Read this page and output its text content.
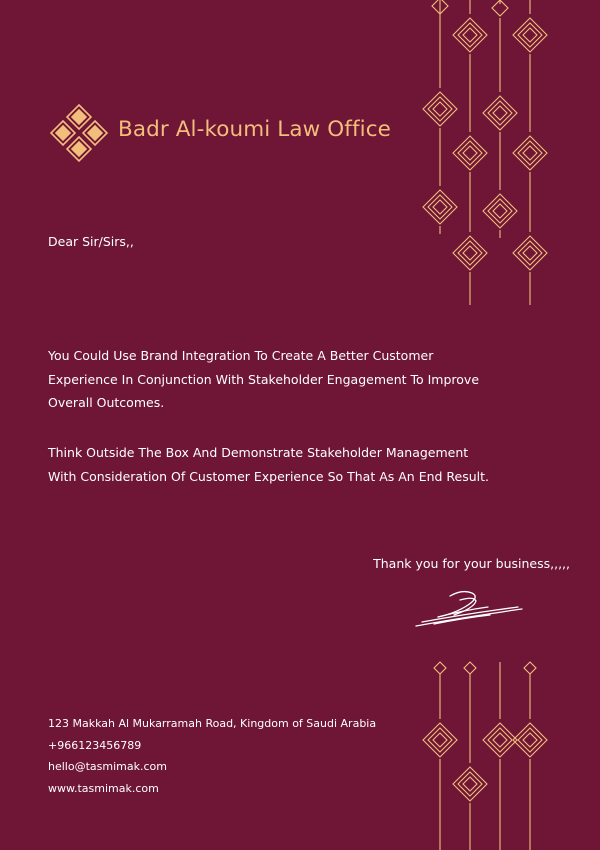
Badr Al-koumi Law Office
Dear Sir/Sirs,,
You Could Use Brand Integration To Create A Better Customer Experience In Conjunction With Stakeholder Engagement To Improve Overall Outcomes.
Think Outside The Box And Demonstrate Stakeholder Management With Consideration Of Customer Experience So That As An End Result.
Thank you for your business,,,,,
123 Makkah Al Mukarramah Road, Kingdom of Saudi Arabia
+966123456789
hello@tasmimak.com
www.tasmimak.com
